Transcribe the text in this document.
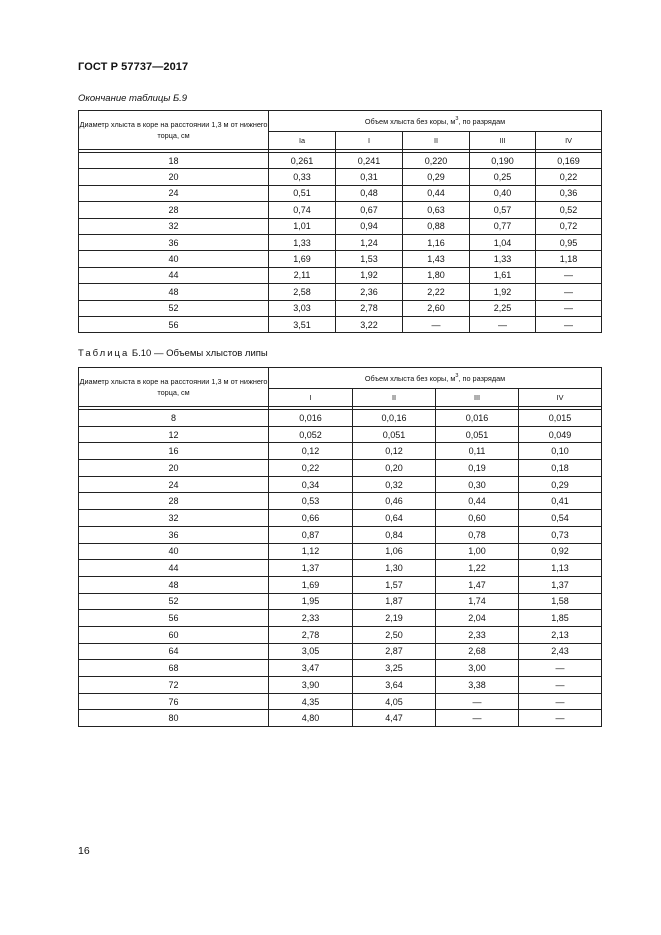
ГОСТ Р 57737—2017
Окончание таблицы Б.9
Диаметр хлыста в коре на расстоянии 1,3 м от нижнего торца, см	Объем хлыста без коры, $м^3$, по разрядам				
	Ia	I	II	III	IV

18	0,261	0,241	0,220	0,190	0,169
20	0,33	0,31	0,29	0,25	0,22
24	0,51	0,48	0,44	0,40	0,36
28	0,74	0,67	0,63	0,57	0,52
32	1,01	0,94	0,88	0,77	0,72
36	1,33	1,24	1,16	1,04	0,95
40	1,69	1,53	1,43	1,33	1,18
44	2,11	1,92	1,80	1,61	—
48	2,58	2,36	2,22	1,92	—
52	3,03	2,78	2,60	2,25	—
56	3,51	3,22	—	—	—
Таблица Б.10 — Объемы хлыстов липы
Диаметр хлыста в коре на расстоянии 1,3 м от нижнего торца, см	Объем хлыста без коры, $м^3$, по разрядам			
	I	II	III	IV

8	0,016	0,0,16	0,016	0,015
12	0,052	0,051	0,051	0,049
16	0,12	0,12	0,11	0,10
20	0,22	0,20	0,19	0,18
24	0,34	0,32	0,30	0,29
28	0,53	0,46	0,44	0,41
32	0,66	0,64	0,60	0,54
36	0,87	0,84	0,78	0,73
40	1,12	1,06	1,00	0,92
44	1,37	1,30	1,22	1,13
48	1,69	1,57	1,47	1,37
52	1,95	1,87	1,74	1,58
56	2,33	2,19	2,04	1,85
60	2,78	2,50	2,33	2,13
64	3,05	2,87	2,68	2,43
68	3,47	3,25	3,00	—
72	3,90	3,64	3,38	—
76	4,35	4,05	—	—
80	4,80	4,47	—	—
16
